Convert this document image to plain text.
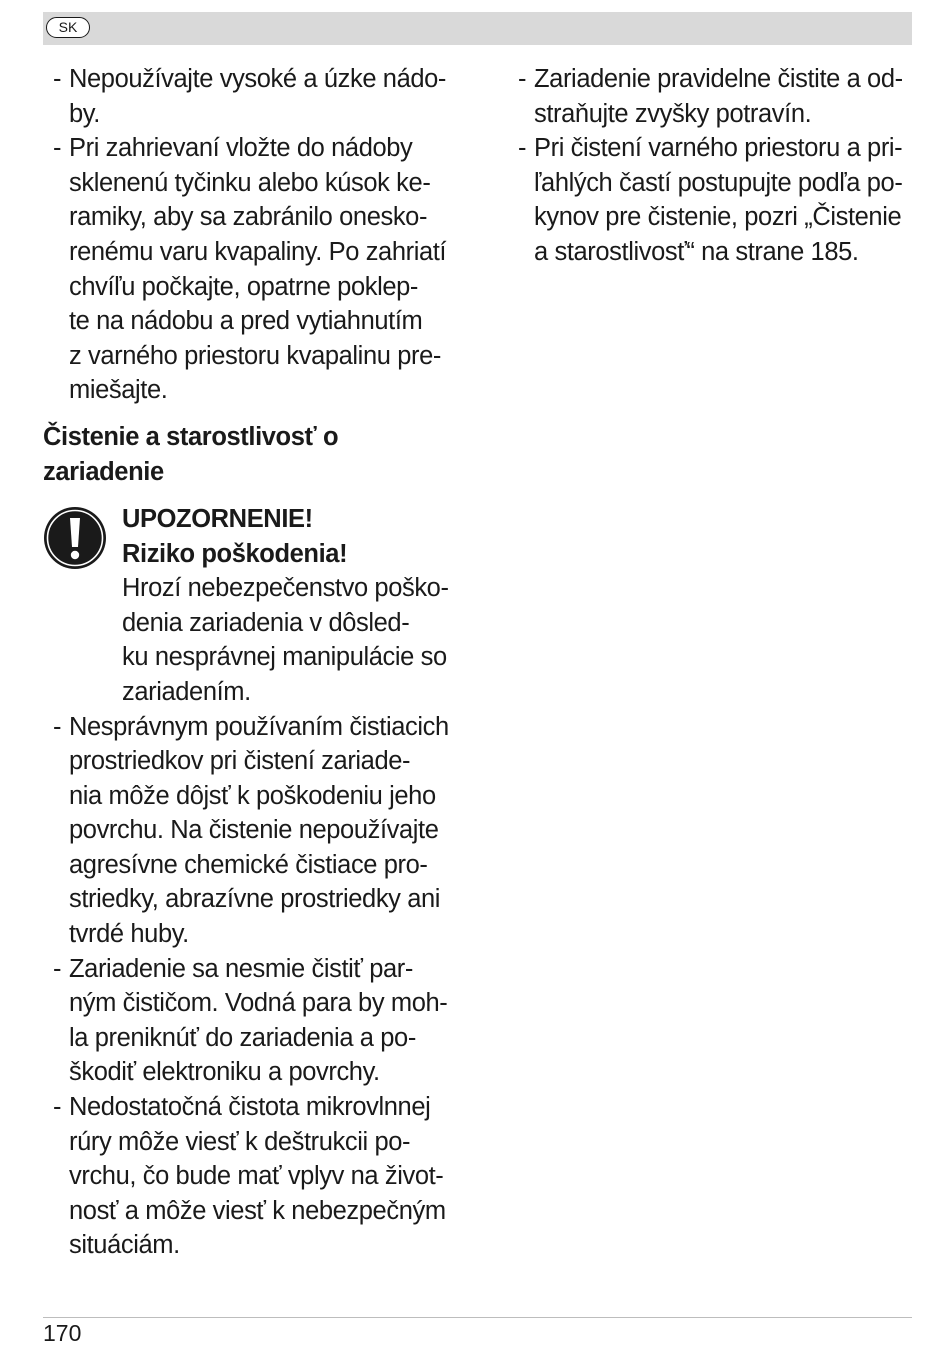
SK
- Nepoužívajte vysoké a úzke nádo-
by.
- Pri zahrievaní vložte do nádoby
sklenenú tyčinku alebo kúsok ke-
ramiky, aby sa zabránilo onesko-
renému varu kvapaliny. Po zahriatí
chvíľu počkajte, opatrne poklep-
te na nádobu a pred vytiahnutím
z varného priestoru kvapalinu pre-
miešajte.
Čistenie a starostlivosť o
zariadenie
UPOZORNENIE!
Riziko poškodenia!
Hrozí nebezpečenstvo poško-
denia zariadenia v dôsled-
ku nesprávnej manipulácie so
zariadením.
- Nesprávnym používaním čistiacich
prostriedkov pri čistení zariade-
nia môže dôjsť k poškodeniu jeho
povrchu. Na čistenie nepoužívajte
agresívne chemické čistiace pro-
striedky, abrazívne prostriedky ani
tvrdé huby.
- Zariadenie sa nesmie čistiť par-
ným čističom. Vodná para by moh-
la preniknúť do zariadenia a po-
škodiť elektroniku a povrchy.
- Nedostatočná čistota mikrovlnnej
rúry môže viesť k deštrukcii po-
vrchu, čo bude mať vplyv na život-
nosť a môže viesť k nebezpečným
situáciám.
- Zariadenie pravidelne čistite a od-
straňujte zvyšky potravín.
- Pri čistení varného priestoru a pri-
ľahlých častí postupujte podľa po-
kynov pre čistenie, pozri „Čistenie
a starostlivosť“ na strane 185.
170
